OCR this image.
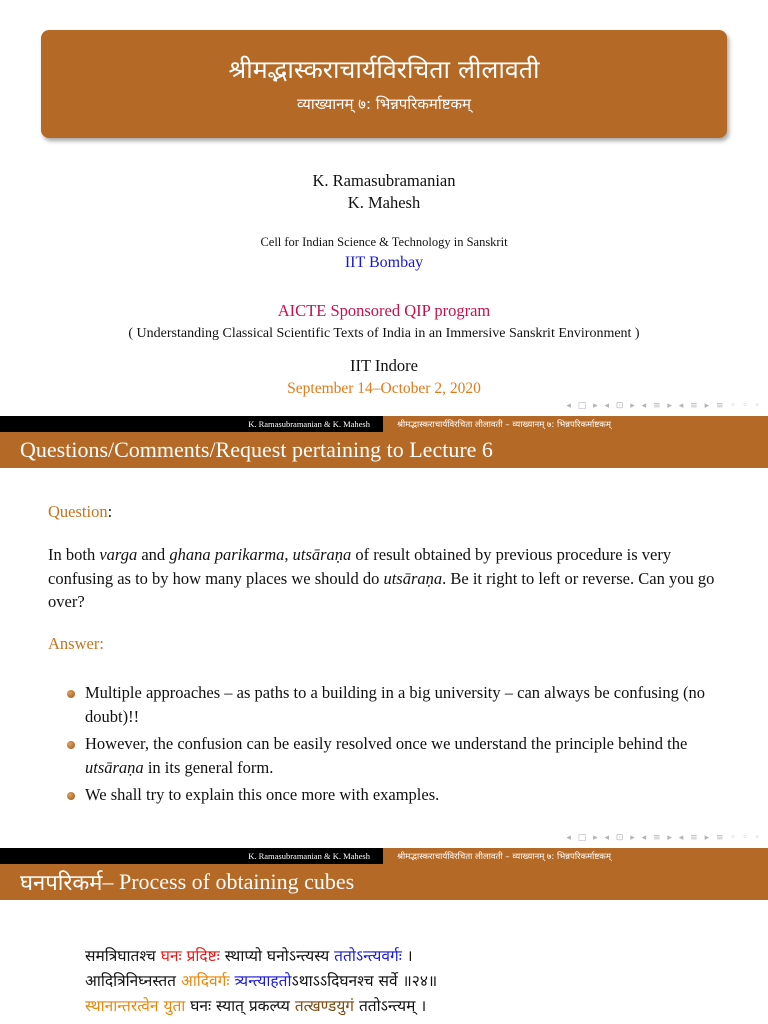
श्रीमद्भास्कराचार्यविरचिता लीलावती
व्याख्यानम् ७: भिन्नपरिकर्माष्टकम्
K. Ramasubramanian
K. Mahesh
Cell for Indian Science & Technology in Sanskrit
IIT Bombay
AICTE Sponsored QIP program
( Understanding Classical Scientific Texts of India in an Immersive Sanskrit Environment )
IIT Indore
September 14–October 2, 2020
◂ □ ▸ ◂ ⊡ ▸ ◂ ≡ ▸ ◂ ≡ ▸ ≡ ◦ ◦ ◦
K. Ramasubramanian & K. Mahesh	श्रीमद्भास्कराचार्यविरचिता लीलावती – व्याख्यानम् ७: भिन्नपरिकर्माष्टकम्
Questions/Comments/Request pertaining to Lecture 6
Question:
In both varga and ghana parikarma, utsāraṇa of result obtained by previous procedure is very confusing as to by how many places we should do utsāraṇa. Be it right to left or reverse. Can you go over?
Answer:
Multiple approaches – as paths to a building in a big university – can always be confusing (no doubt)!!
However, the confusion can be easily resolved once we understand the principle behind the utsāraṇa in its general form.
We shall try to explain this once more with examples.
◂ □ ▸ ◂ ⊡ ▸ ◂ ≡ ▸ ◂ ≡ ▸ ≡ ◦ ◦ ◦
K. Ramasubramanian & K. Mahesh	श्रीमद्भास्कराचार्यविरचिता लीलावती – व्याख्यानम् ७: भिन्नपरिकर्माष्टकम्
घनपरिकर्म – Process of obtaining cubes
समत्रिघातश्च घनः प्रदिष्टः स्थाप्यो घनोऽन्त्यस्य ततोऽन्त्यवर्गः ।
आदित्रिनिघ्नस्तत आदिवर्गः त्र्यन्त्याहतोऽथाऽऽदिघनश्च सर्वे ॥२४॥
स्थानान्तरत्वेन युता घनः स्यात् प्रकल्प्य तत्खण्डयुगं ततोऽन्त्यम् ।
